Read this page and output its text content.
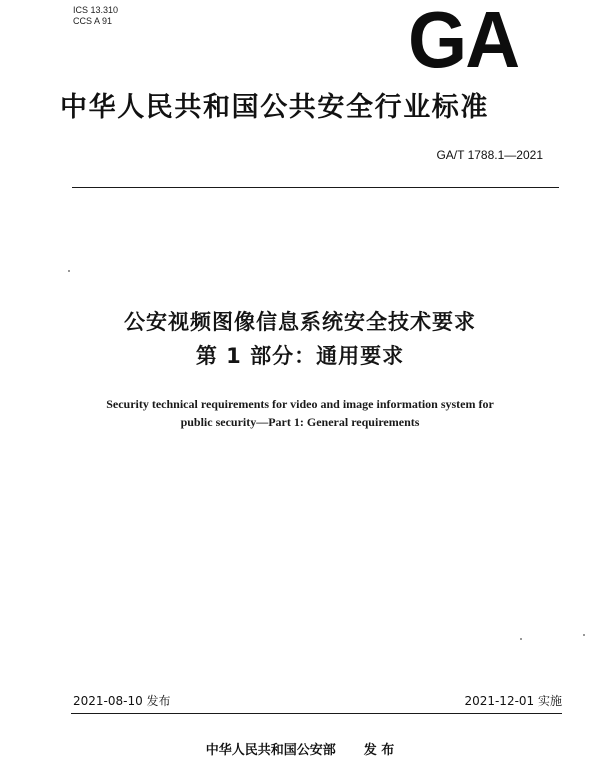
ICS 13.310
CCS A 91	GA
中华人民共和国公共安全行业标准
GA/T 1788.1—2021
公安视频图像信息系统安全技术要求
第 1 部分：通用要求
Security technical requirements for video and image information system for
public security—Part 1: General requirements
2021-08-10 发布	2021-12-01 实施
中华人民共和国公安部 发 布
